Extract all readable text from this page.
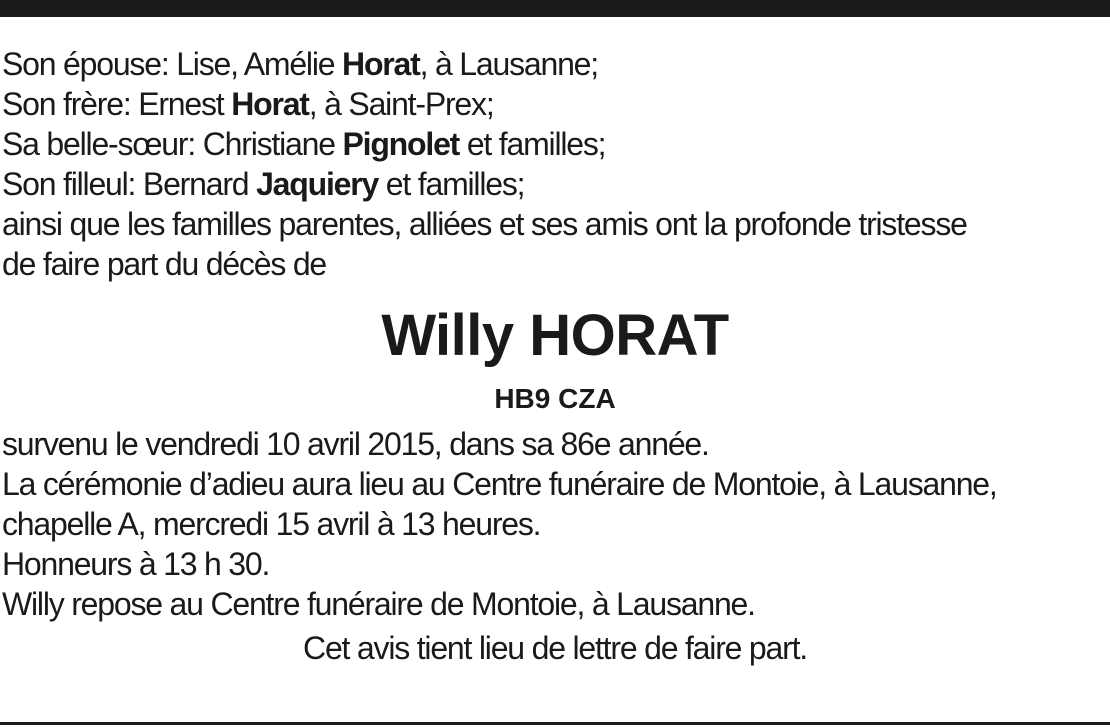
Son épouse: Lise, Amélie Horat, à Lausanne;
Son frère: Ernest Horat, à Saint-Prex;
Sa belle-sœur: Christiane Pignolet et familles;
Son filleul: Bernard Jaquiery et familles;
ainsi que les familles parentes, alliées et ses amis ont la profonde tristesse
de faire part du décès de
Willy HORAT
HB9 CZA
survenu le vendredi 10 avril 2015, dans sa 86e année.
La cérémonie d’adieu aura lieu au Centre funéraire de Montoie, à Lausanne,
chapelle A, mercredi 15 avril à 13 heures.
Honneurs à 13 h 30.
Willy repose au Centre funéraire de Montoie, à Lausanne.
Cet avis tient lieu de lettre de faire part.
